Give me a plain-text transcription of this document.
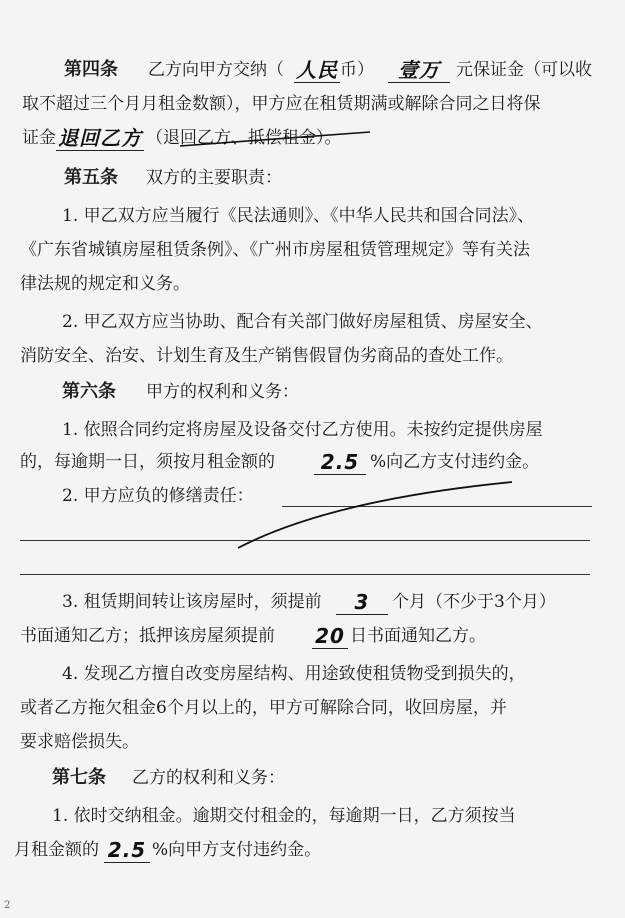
第四条 乙方向甲方交纳（ 人民 币）	壹万 元保证金（可以收
取不超过三个月月租金数额），甲方应在租赁期满或解除合同之日将保
证金 退回乙方 （退回乙方、抵偿租金）。
第五条 双方的主要职责：
1. 甲乙双方应当履行《民法通则》、《中华人民共和国合同法》、
《广东省城镇房屋租赁条例》、《广州市房屋租赁管理规定》等有关法
律法规的规定和义务。
2. 甲乙双方应当协助、配合有关部门做好房屋租赁、房屋安全、
消防安全、治安、计划生育及生产销售假冒伪劣商品的查处工作。
第六条 甲方的权利和义务：
1. 依照合同约定将房屋及设备交付乙方使用。未按约定提供房屋
的，每逾期一日，须按月租金额的	2.5 %向乙方支付违约金。
2. 甲方应负的修缮责任：
3. 租赁期间转让该房屋时，须提前	3	个月（不少于3个月）
书面通知乙方；抵押该房屋须提前 20 日书面通知乙方。
4. 发现乙方擅自改变房屋结构、用途致使租赁物受到损失的，
或者乙方拖欠租金6个月以上的，甲方可解除合同，收回房屋，并
要求赔偿损失。
第七条 乙方的权利和义务：
1. 依时交纳租金。逾期交付租金的，每逾期一日，乙方须按当
月租金额的 2.5 %向甲方支付违约金。
2
